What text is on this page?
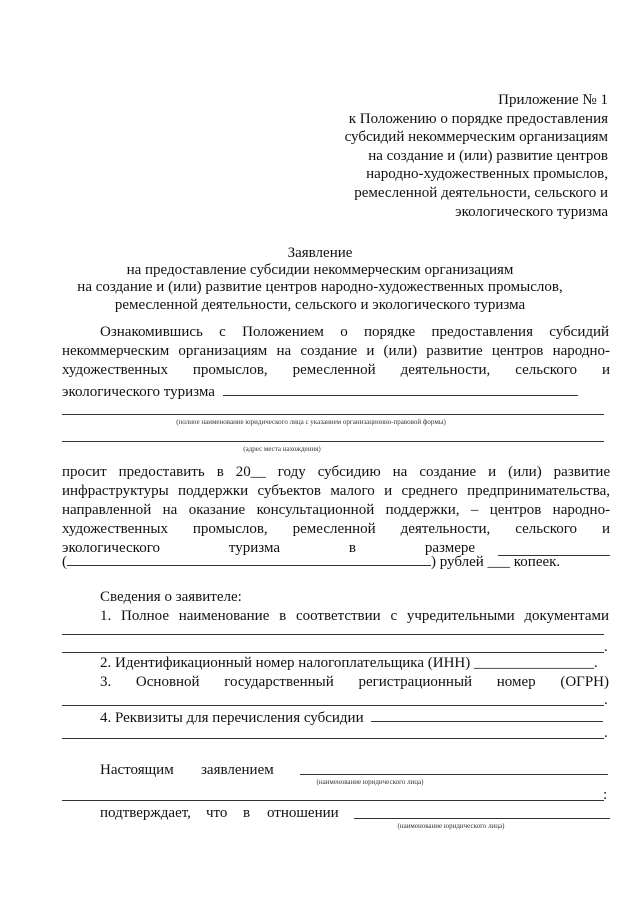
Приложение № 1
к Положению о порядке предоставления
субсидий некоммерческим организациям
на создание и (или) развитие центров
народно-художественных промыслов,
ремесленной деятельности, сельского и
экологического туризма
Заявление
на предоставление субсидии некоммерческим организациям
на создание и (или) развитие центров народно-художественных промыслов,
ремесленной деятельности, сельского и экологического туризма
Ознакомившись с Положением о порядке предоставления субсидий
некоммерческим организациям на создание и (или) развитие центров народно-
художественных промыслов, ремесленной деятельности, сельского и
экологического туризма
(полное наименование юридического лица с указанием организационно-правовой формы)
(адрес места нахождения)
просит предоставить в 20__ году субсидию на создание и (или) развитие
инфраструктуры поддержки субъектов малого и среднего предпринимательства,
направленной на оказание консультационной поддержки, – центров народно-
художественных промыслов, ремесленной деятельности, сельского и
экологического	туризма	в	размере
(	) рублей ___ копеек.
Сведения о заявителе:
1. Полное наименование в соответствии с учредительными документами
.
2. Идентификационный номер налогоплательщика (ИНН) ________________.
3. Основной государственный регистрационный номер (ОГРН)
.
4. Реквизиты для перечисления субсидии
.
Настоящим заявлением
(наименование юридического лица)
:
подтверждает, что в отношении
(наименование юридического лица)
